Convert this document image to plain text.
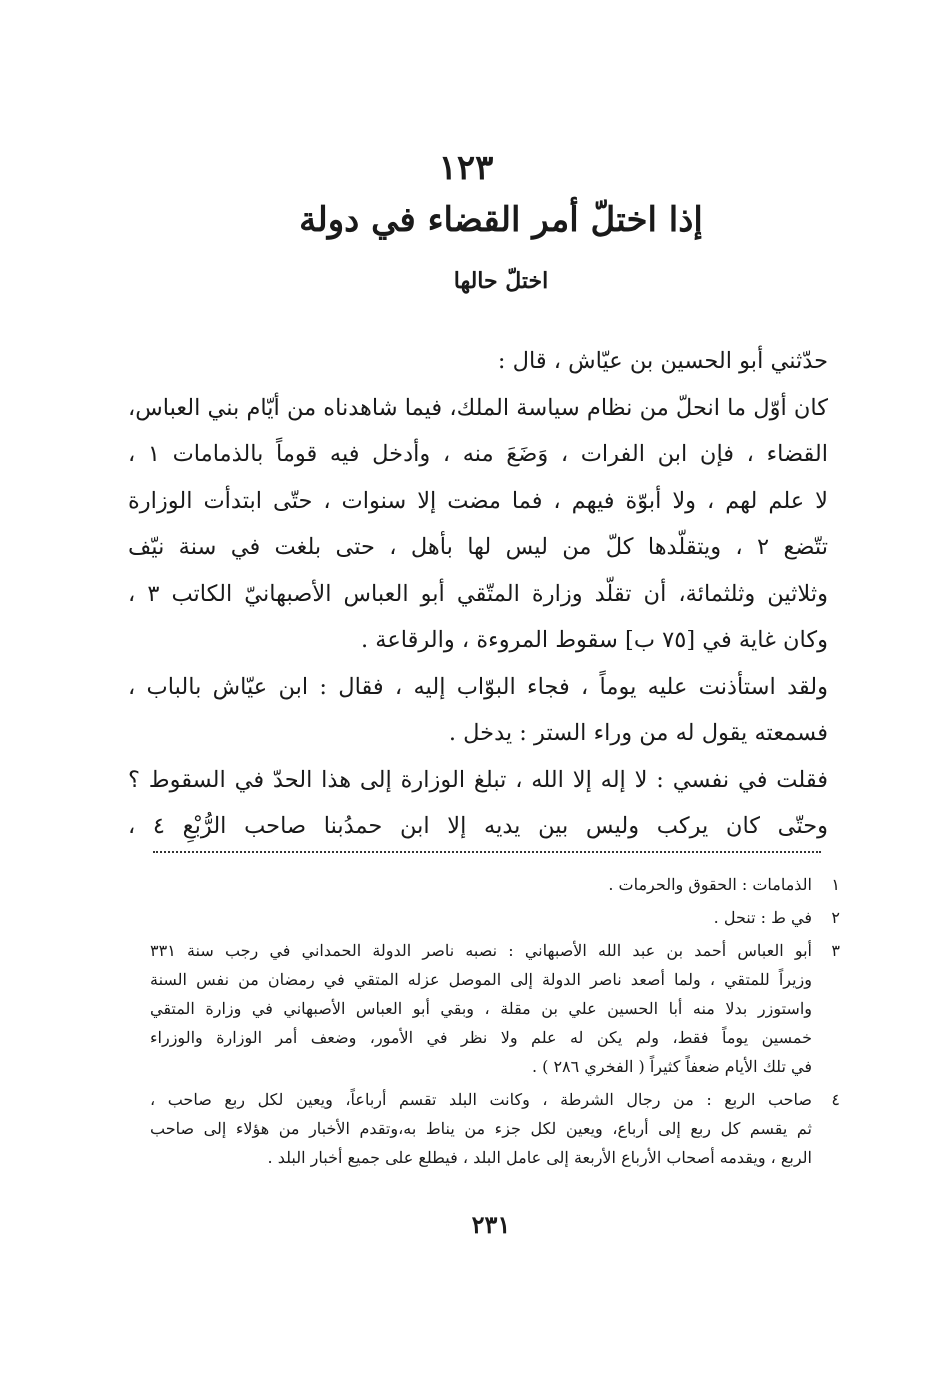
١٢٣
إذا اختلّ أمر القضاء في دولة
اختلّ حالها
حدّثني أبو الحسين بن عيّاش ، قال :
كان أوّل ما انحلّ من نظام سياسة الملك، فيما شاهدناه من أيّام بني العباس،
القضاء ، فإن ابن الفرات ، وَضَعَ منه ، وأدخل فيه قوماً بالذمامات ١ ،
لا علم لهم ، ولا أبوّة فيهم ، فما مضت إلا سنوات ، حتّى ابتدأت الوزارة
تتّضع ٢ ، ويتقلّدها كلّ من ليس لها بأهل ، حتى بلغت في سنة نيّف
وثلاثين وثلثمائة، أن تقلّد وزارة المتّقي أبو العباس الأصبهانيّ الكاتب ٣ ،
وكان غاية في [٧٥ ب] سقوط المروءة ، والرقاعة .
ولقد استأذنت عليه يوماً ، فجاء البوّاب إليه ، فقال : ابن عيّاش بالباب ،
فسمعته يقول له من وراء الستر : يدخل .
فقلت في نفسي : لا إله إلا الله ، تبلغ الوزارة إلى هذا الحدّ في السقوط ؟
وحتّى كان يركب وليس بين يديه إلا ابن حمدُبنا صاحب الرُّبْعِ ٤ ،
١
الذمامات : الحقوق والحرمات .
٢
في ط : تنحل .
٣
أبو العباس أحمد بن عبد الله الأصبهاني : نصبه ناصر الدولة الحمداني في رجب سنة ٣٣١
وزيراً للمتقي ، ولما أصعد ناصر الدولة إلى الموصل عزله المتقي في رمضان من نفس السنة
واستوزر بدلا منه أبا الحسين علي بن مقلة ، وبقي أبو العباس الأصبهاني في وزارة المتقي
خمسين يوماً فقط، ولم يكن له علم ولا نظر في الأمور، وضعف أمر الوزارة والوزراء
في تلك الأيام ضعفاً كثيراً ( الفخري ٢٨٦ ) .
٤
صاحب الربع : من رجال الشرطة ، وكانت البلد تقسم أرباعاً، ويعين لكل ربع صاحب ،
ثم يقسم كل ربع إلى أرباع، ويعين لكل جزء من يناط به،وتقدم الأخبار من هؤلاء إلى صاحب
الربع ، ويقدمه أصحاب الأرباع الأربعة إلى عامل البلد ، فيطلع على جميع أخبار البلد .
٢٣١
